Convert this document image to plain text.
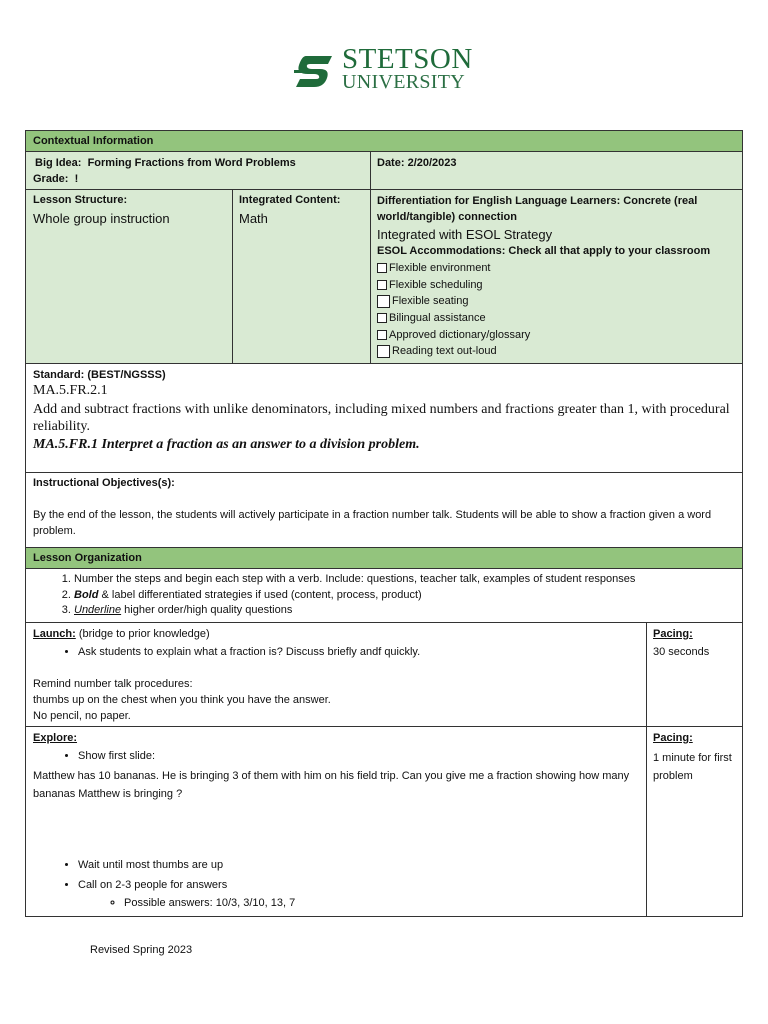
STETSON
UNIVERSITY
Contextual Information
Big Idea: Forming Fractions from Word Problems
Grade: !
Date: 2/20/2023
Lesson Structure:
Whole group instruction
Integrated Content:
Math
Differentiation for English Language Learners: Concrete (real world/tangible) connection
Integrated with ESOL Strategy
ESOL Accommodations: Check all that apply to your classroom
Flexible environment
Flexible scheduling
Flexible seating
Bilingual assistance
Approved dictionary/glossary
Reading text out-loud
Standard: (BEST/NGSSS)
MA.5.FR.2.1
Add and subtract fractions with unlike denominators, including mixed numbers and fractions greater than 1, with procedural reliability.
MA.5.FR.1 Interpret a fraction as an answer to a division problem.
Instructional Objectives(s):
By the end of the lesson, the students will actively participate in a fraction number talk. Students will be able to show a fraction given a word problem.
Lesson Organization
1. Number the steps and begin each step with a verb. Include: questions, teacher talk, examples of student responses
2. Bold & label differentiated strategies if used (content, process, product)
3. Underline higher order/high quality questions
Launch: (bridge to prior knowledge)
• Ask students to explain what a fraction is? Discuss briefly andf quickly.
Remind number talk procedures:
thumbs up on the chest when you think you have the answer.
No pencil, no paper.
Pacing:
30 seconds
Explore:
• Show first slide:
Matthew has 10 bananas. He is bringing 3 of them with him on his field trip. Can you give me a fraction showing how many bananas Matthew is bringing ?
• Wait until most thumbs are up
• Call on 2-3 people for answers
◦ Possible answers: 10/3, 3/10, 13, 7
Pacing:
1 minute for first problem
Revised Spring 2023
